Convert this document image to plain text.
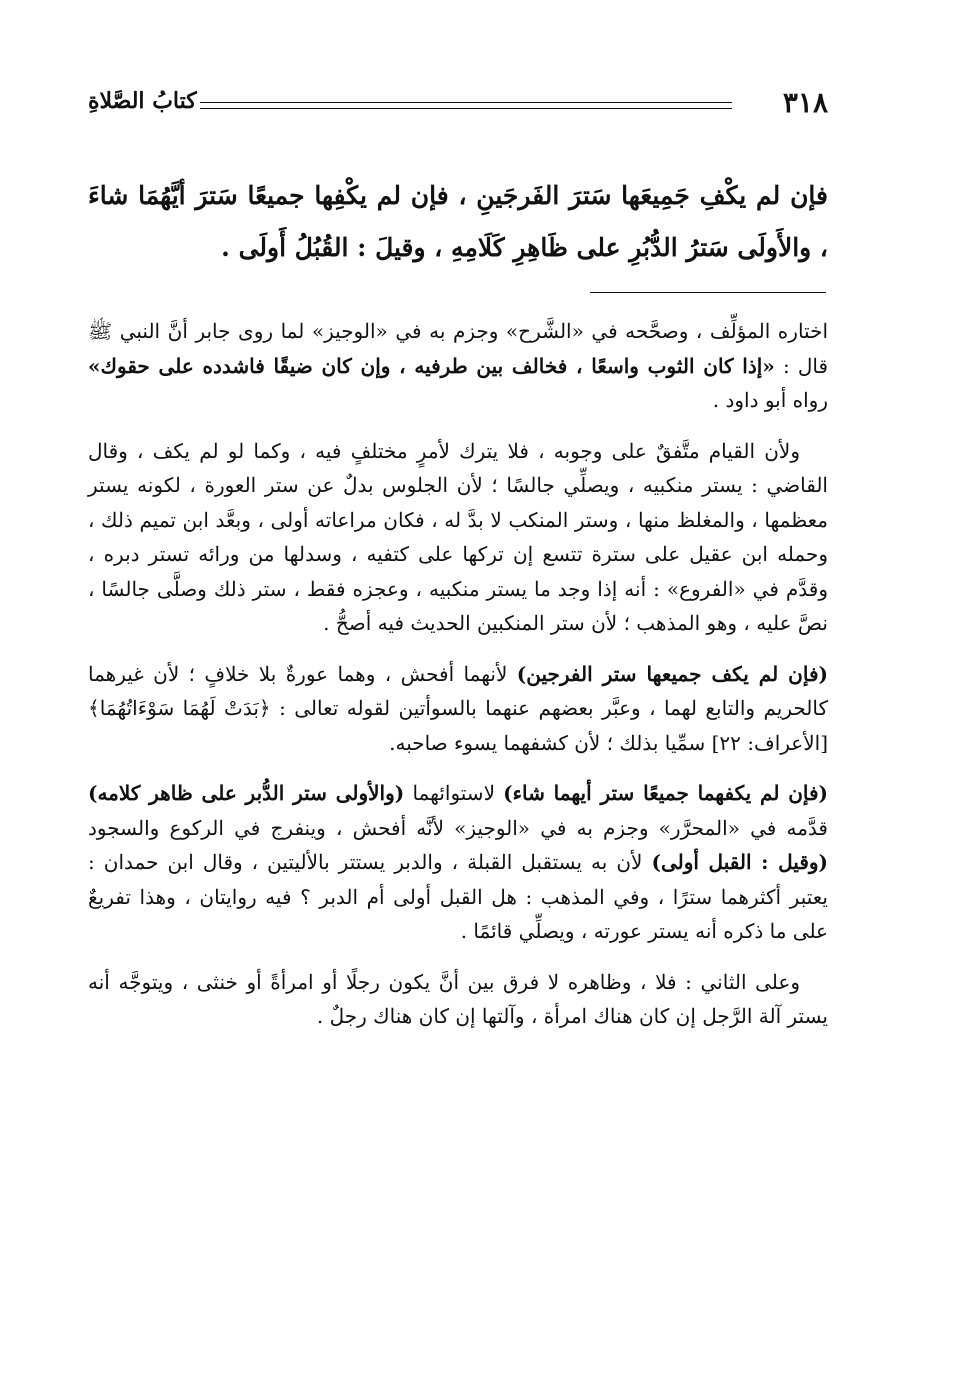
٣١٨
كتابُ الصَّلاةِ
فإن لم يكْفِ جَمِيعَها سَترَ الفَرجَينِ ، فإن لم يكْفِها جميعًا سَترَ أيَّهُمَا شاءَ ، والأَولَى سَترُ الدُّبُرِ على ظَاهِرِ كَلَامِهِ ، وقيلَ : القُبُلُ أَولَى .

اختاره المؤلِّف ، وصحَّحه في «الشَّرح» وجزم به في «الوجيز» لما روى جابر أنَّ النبي ﷺ قال : «إذا كان الثوب واسعًا ، فخالف بين طرفيه ، وإن كان ضيقًا فاشدده على حقوك» رواه أبو داود .

ولأن القيام متَّفقٌ على وجوبه ، فلا يترك لأمرٍ مختلفٍ فيه ، وكما لو لم يكف ، وقال القاضي : يستر منكبيه ، ويصلِّي جالسًا ؛ لأن الجلوس بدلٌ عن ستر العورة ، لكونه يستر معظمها ، والمغلظ منها ، وستر المنكب لا بدَّ له ، فكان مراعاته أولى ، وبعَّد ابن تميم ذلك ، وحمله ابن عقيل على سترة تتسع إن تركها على كتفيه ، وسدلها من ورائه تستر دبره ، وقدَّم في «الفروع» : أنه إذا وجد ما يستر منكبيه ، وعجزه فقط ، ستر ذلك وصلَّى جالسًا ، نصَّ عليه ، وهو المذهب ؛ لأن ستر المنكبين الحديث فيه أصحُّ .

(فإن لم يكف جميعها ستر الفرجين) لأنهما أفحش ، وهما عورةٌ بلا خلافٍ ؛ لأن غيرهما كالحريم والتابع لهما ، وعبَّر بعضهم عنهما بالسوأتين لقوله تعالى : ﴿بَدَتْ لَهُمَا سَوْءَاتُهُمَا﴾ [الأعراف: ٢٢] سمِّيا بذلك ؛ لأن كشفهما يسوء صاحبه.

(فإن لم يكفهما جميعًا ستر أيهما شاء) لاستوائهما (والأولى ستر الدُّبر على ظاهر كلامه) قدَّمه في «المحرَّر» وجزم به في «الوجيز» لأنَّه أفحش ، وينفرج في الركوع والسجود (وقيل : القبل أولى) لأن به يستقبل القبلة ، والدبر يستتر بالأليتين ، وقال ابن حمدان : يعتبر أكثرهما سترًا ، وفي المذهب : هل القبل أولى أم الدبر ؟ فيه روايتان ، وهذا تفريعٌ على ما ذكره أنه يستر عورته ، ويصلِّي قائمًا .

وعلى الثاني : فلا ، وظاهره لا فرق بين أنَّ يكون رجلًا أو امرأةً أو خنثى ، ويتوجَّه أنه يستر آلة الرَّجل إن كان هناك امرأة ، وآلتها إن كان هناك رجلٌ .
